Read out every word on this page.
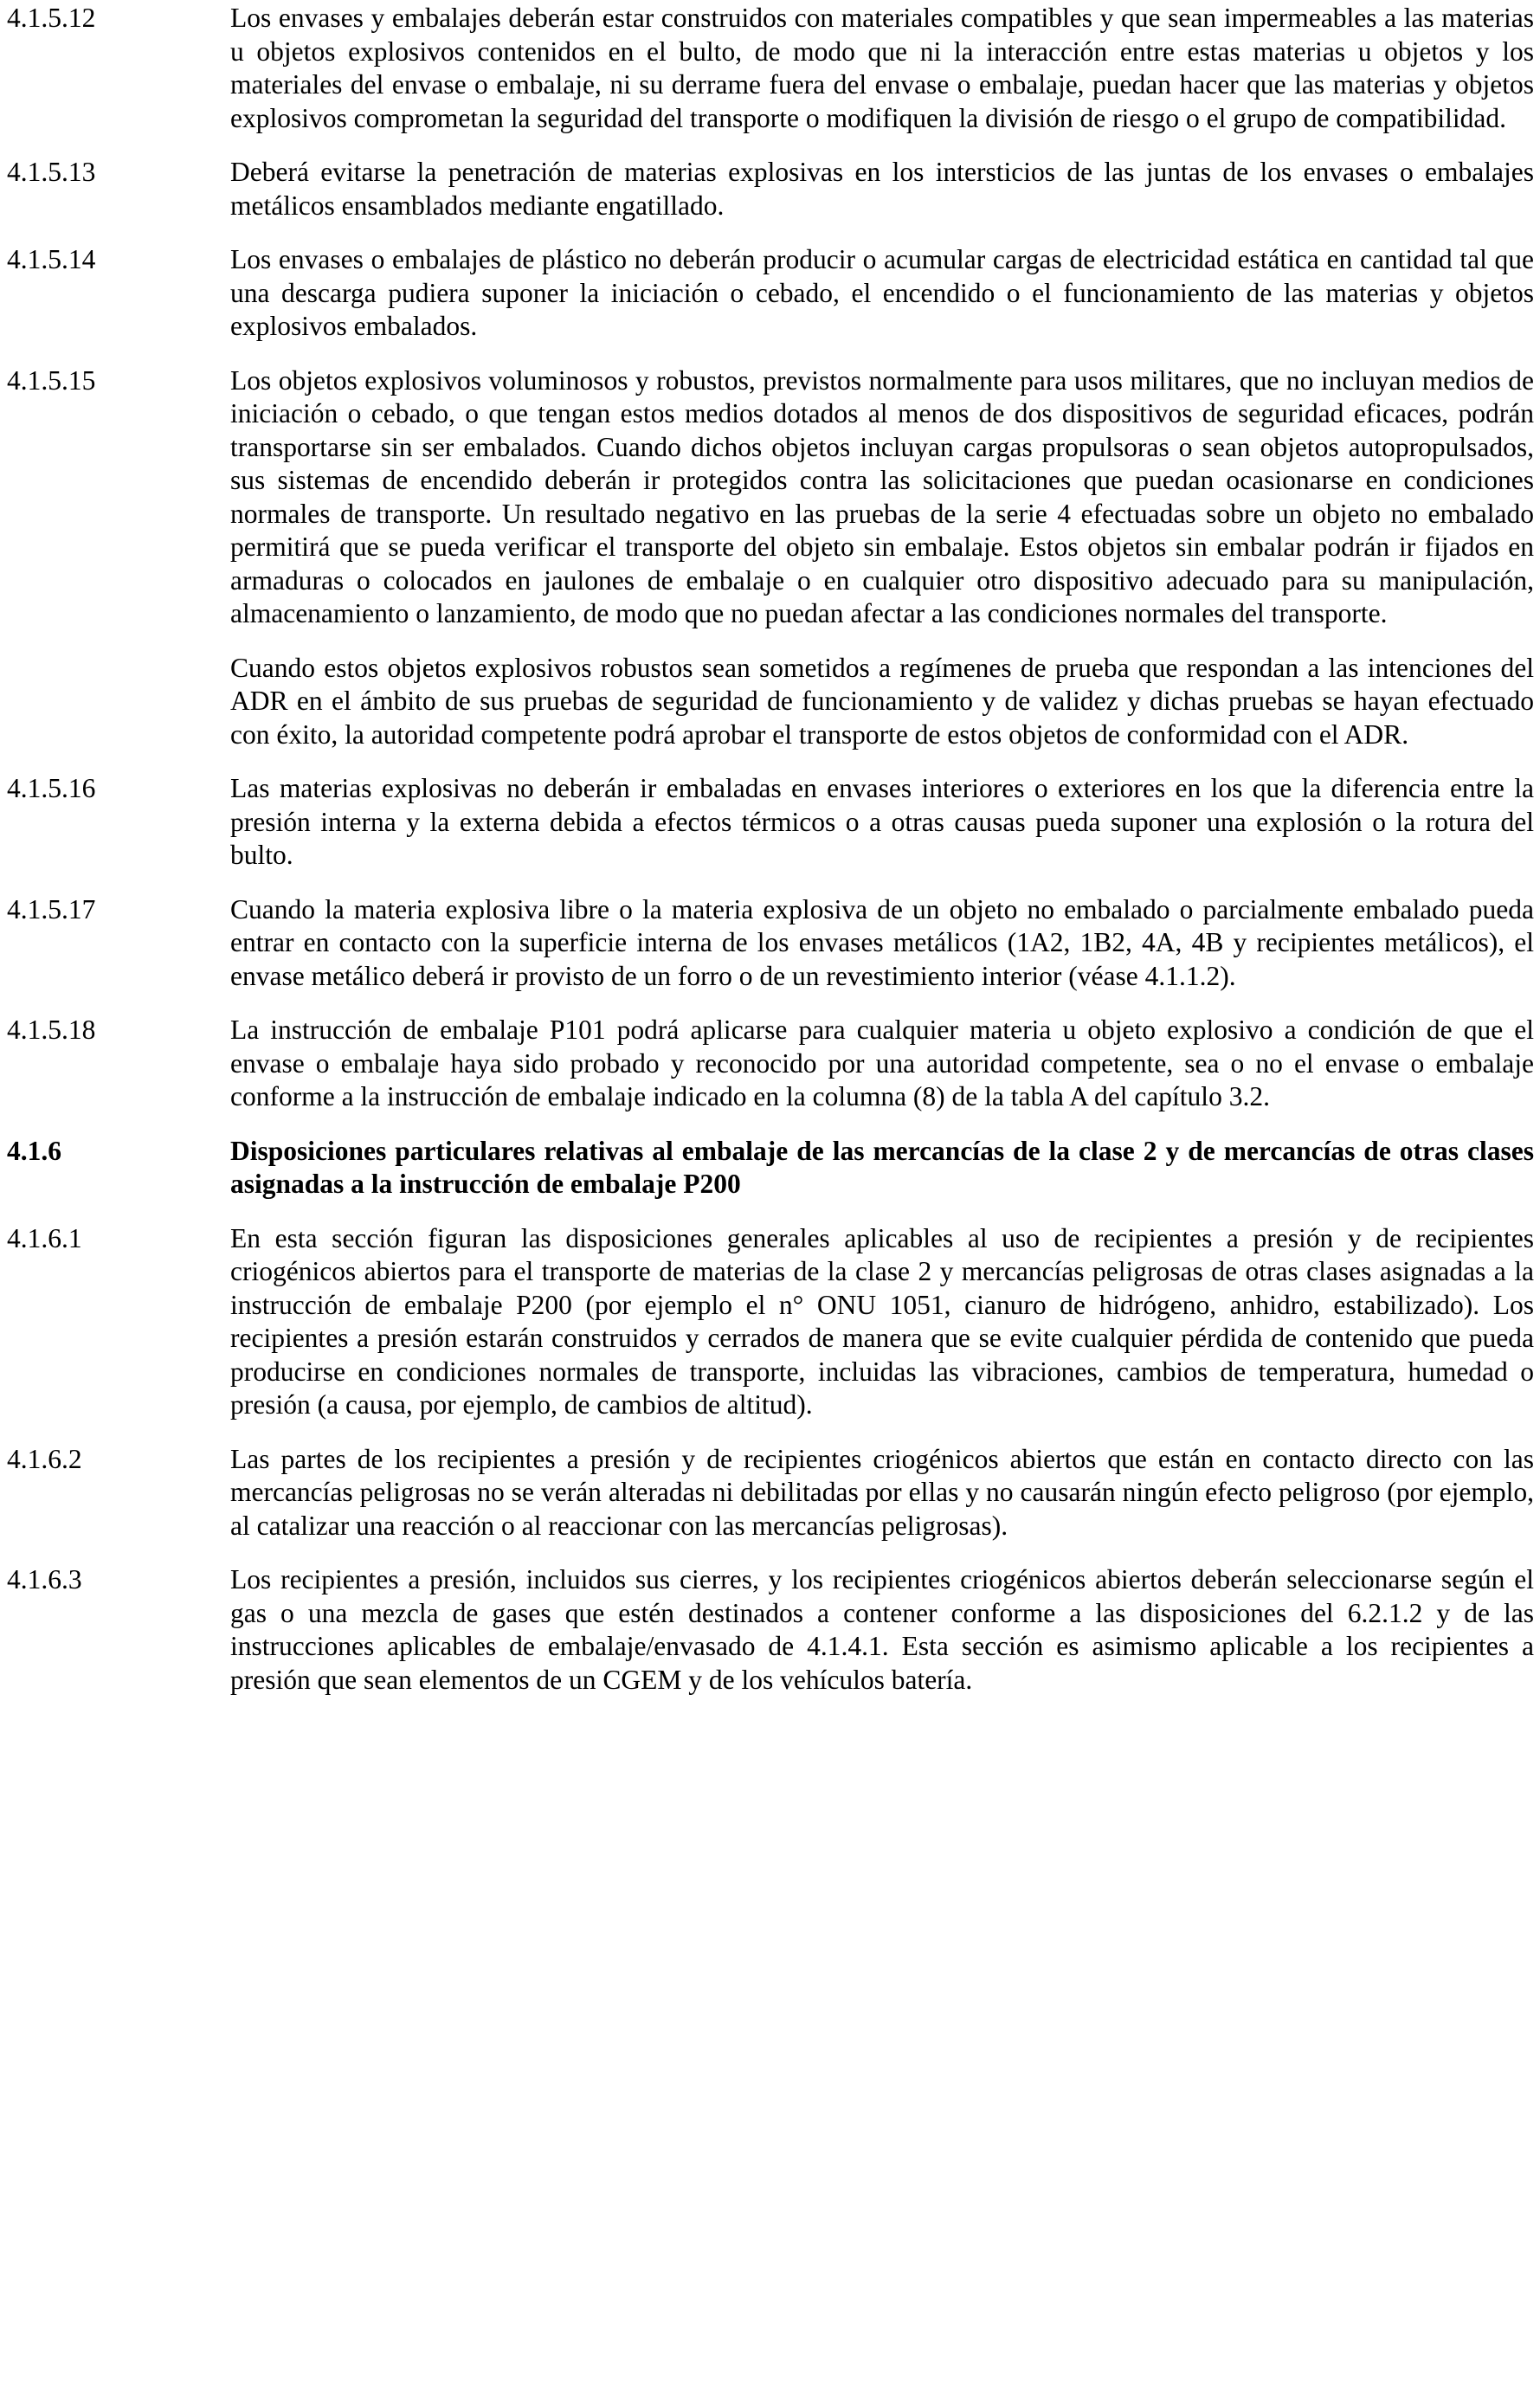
4.1.5.12	Los envases y embalajes deberán estar construidos con materiales compatibles y que sean impermeables a las materias u objetos explosivos contenidos en el bulto, de modo que ni la interacción entre estas materias u objetos y los materiales del envase o embalaje, ni su derrame fuera del envase o embalaje, puedan hacer que las materias y objetos explosivos comprometan la seguridad del transporte o modifiquen la división de riesgo o el grupo de compatibilidad.
4.1.5.13	Deberá evitarse la penetración de materias explosivas en los intersticios de las juntas de los envases o embalajes metálicos ensamblados mediante engatillado.
4.1.5.14	Los envases o embalajes de plástico no deberán producir o acumular cargas de electricidad estática en cantidad tal que una descarga pudiera suponer la iniciación o cebado, el encendido o el funcionamiento de las materias y objetos explosivos embalados.
4.1.5.15	Los objetos explosivos voluminosos y robustos, previstos normalmente para usos militares, que no incluyan medios de iniciación o cebado, o que tengan estos medios dotados al menos de dos dispositivos de seguridad eficaces, podrán transportarse sin ser embalados. Cuando dichos objetos incluyan cargas propulsoras o sean objetos autopropulsados, sus sistemas de encendido deberán ir protegidos contra las solicitaciones que puedan ocasionarse en condiciones normales de transporte. Un resultado negativo en las pruebas de la serie 4 efectuadas sobre un objeto no embalado permitirá que se pueda verificar el transporte del objeto sin embalaje. Estos objetos sin embalar podrán ir fijados en armaduras o colocados en jaulones de embalaje o en cualquier otro dispositivo adecuado para su manipulación, almacenamiento o lanzamiento, de modo que no puedan afectar a las condiciones normales del transporte.
Cuando estos objetos explosivos robustos sean sometidos a regímenes de prueba que respondan a las intenciones del ADR en el ámbito de sus pruebas de seguridad de funcionamiento y de validez y dichas pruebas se hayan efectuado con éxito, la autoridad competente podrá aprobar el transporte de estos objetos de conformidad con el ADR.
4.1.5.16	Las materias explosivas no deberán ir embaladas en envases interiores o exteriores en los que la diferencia entre la presión interna y la externa debida a efectos térmicos o a otras causas pueda suponer una explosión o la rotura del bulto.
4.1.5.17	Cuando la materia explosiva libre o la materia explosiva de un objeto no embalado o parcialmente embalado pueda entrar en contacto con la superficie interna de los envases metálicos (1A2, 1B2, 4A, 4B y recipientes metálicos), el envase metálico deberá ir provisto de un forro o de un revestimiento interior (véase 4.1.1.2).
4.1.5.18	La instrucción de embalaje P101 podrá aplicarse para cualquier materia u objeto explosivo a condición de que el envase o embalaje haya sido probado y reconocido por una autoridad competente, sea o no el envase o embalaje conforme a la instrucción de embalaje indicado en la columna (8) de la tabla A del capítulo 3.2.
4.1.6	Disposiciones particulares relativas al embalaje de las mercancías de la clase 2 y de mercancías de otras clases asignadas a la instrucción de embalaje P200
4.1.6.1	En esta sección figuran las disposiciones generales aplicables al uso de recipientes a presión y de recipientes criogénicos abiertos para el transporte de materias de la clase 2 y mercancías peligrosas de otras clases asignadas a la instrucción de embalaje P200 (por ejemplo el n° ONU 1051, cianuro de hidrógeno, anhidro, estabilizado). Los recipientes a presión estarán construidos y cerrados de manera que se evite cualquier pérdida de contenido que pueda producirse en condiciones normales de transporte, incluidas las vibraciones, cambios de temperatura, humedad o presión (a causa, por ejemplo, de cambios de altitud).
4.1.6.2	Las partes de los recipientes a presión y de recipientes criogénicos abiertos que están en contacto directo con las mercancías peligrosas no se verán alteradas ni debilitadas por ellas y no causarán ningún efecto peligroso (por ejemplo, al catalizar una reacción o al reaccionar con las mercancías peligrosas).
4.1.6.3	Los recipientes a presión, incluidos sus cierres, y los recipientes criogénicos abiertos deberán seleccionarse según el gas o una mezcla de gases que estén destinados a contener conforme a las disposiciones del 6.2.1.2 y de las instrucciones aplicables de embalaje/envasado de 4.1.4.1. Esta sección es asimismo aplicable a los recipientes a presión que sean elementos de un CGEM y de los vehículos batería.
